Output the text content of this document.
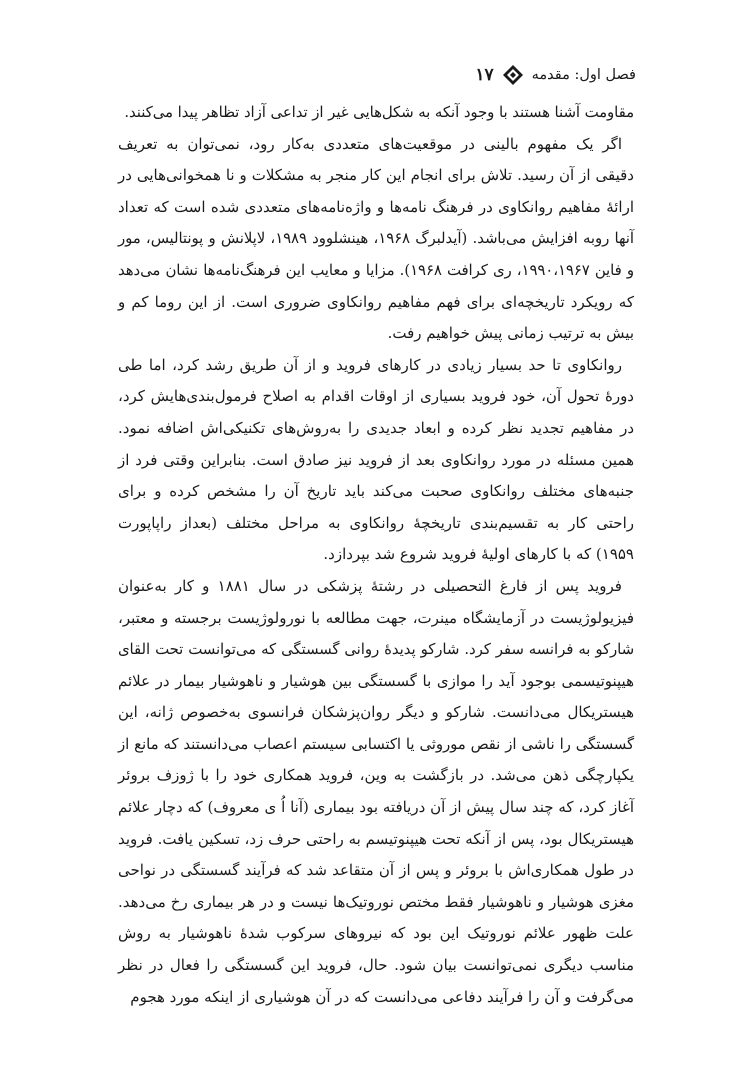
فصل اول: مقدمه
۱۷
مقاومت آشنا هستند با وجود آنکه به شکل‌هایی غیر از تداعی آزاد تظاهر پیدا می‌کنند.
اگر یک مفهوم بالینی در موقعیت‌های متعددی به‌کار رود، نمی‌توان به تعریف
دقیقی از آن رسید. تلاش برای انجام این کار منجر به مشکلات و نا همخوانی‌هایی در
ارائهٔ مفاهیم روانکاوی در فرهنگ نامه‌ها و واژه‌نامه‌های متعددی شده است که تعداد
آنها روبه افزایش می‌باشد. (آیدلبرگ ۱۹۶۸، هینشلوود ۱۹۸۹، لاپلانش و پونتالیس، مور
و فاین ۱۹۹۰،۱۹۶۷، ری کرافت ۱۹۶۸). مزایا و معایب این فرهنگ‌نامه‌ها نشان می‌دهد
که رویکرد تاریخچه‌ای برای فهم مفاهیم روانکاوی ضروری است. از این روما کم و
بیش به ترتیب زمانی پیش خواهیم رفت.
روانکاوی تا حد بسیار زیادی در کارهای فروید و از آن طریق رشد کرد، اما طی
دورهٔ تحول آن، خود فروید بسیاری از اوقات اقدام به اصلاح فرمول‌بندی‌هایش کرد،
در مفاهیم تجدید نظر کرده و ابعاد جدیدی را به‌روش‌های تکنیکی‌اش اضافه نمود.
همین مسئله در مورد روانکاوی بعد از فروید نیز صادق است. بنابراین وقتی فرد از
جنبه‌های مختلف روانکاوی صحبت می‌کند باید تاریخ آن را مشخص کرده و برای
راحتی کار به تقسیم‌بندی تاریخچهٔ روانکاوی به مراحل مختلف (بعداز راپاپورت
۱۹۵۹) که با کارهای اولیهٔ فروید شروع شد بپردازد.
فروید پس از فارغ التحصیلی در رشتهٔ پزشکی در سال ۱۸۸۱ و کار به‌عنوان
فیزیولوژیست در آزمایشگاه مینرت، جهت مطالعه با نورولوژیست برجسته و معتبر،
شارکو به فرانسه سفر کرد. شارکو پدیدهٔ روانی گسستگی که می‌توانست تحت القای
هیپنوتیسمی بوجود آید را موازی با گسستگی بین هوشیار و ناهوشیار بیمار در علائم
هیستریکال می‌دانست. شارکو و دیگر روان‌پزشکان فرانسوی به‌خصوص ژانه، این
گسستگی را ناشی از نقص موروثی یا اکتسابی سیستم اعصاب می‌دانستند که مانع از
یکپارچگی ذهن می‌شد. در بازگشت به وین، فروید همکاری خود را با ژوزف بروئر
آغاز کرد، که چند سال پیش از آن دریافته بود بیماری (آنا اُ ی معروف) که دچار علائم
هیستریکال بود، پس از آنکه تحت هیپنوتیسم به راحتی حرف زد، تسکین یافت. فروید
در طول همکاری‌اش با بروئر و پس از آن متقاعد شد که فرآیند گسستگی در نواحی
مغزی هوشیار و ناهوشیار فقط مختص نوروتیک‌ها نیست و در هر بیماری رخ می‌دهد.
علت ظهور علائم نوروتیک این بود که نیروهای سرکوب شدهٔ ناهوشیار به روش
مناسب دیگری نمی‌توانست بیان شود. حال، فروید این گسستگی را فعال در نظر
می‌گرفت و آن را فرآیند دفاعی می‌دانست که در آن هوشیاری از اینکه مورد هجوم
